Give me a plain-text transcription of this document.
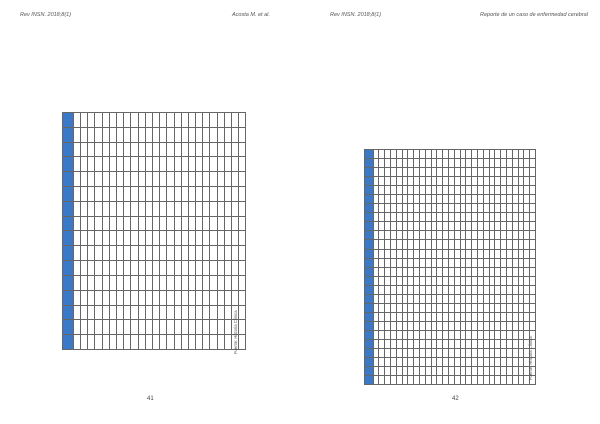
Rev INSN. 2018;8(1)	Acosta M. et al.

Fuente: Historia Clínica
41
Rev INSN. 2018;8(1)	Reporte de un caso de enfermedad cerebral

Fuente: Historia Clínica
42
